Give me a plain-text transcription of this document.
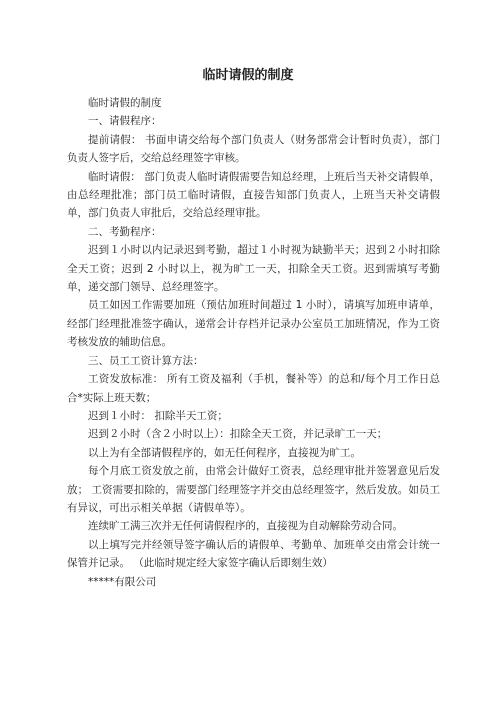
临时请假的制度

临时请假的制度

一、请假程序：

提前请假： 书面申请交给每个部门负责人（财务部常会计暂时负责），部门负责人签字后，交给总经理签字审核。

临时请假： 部门负责人临时请假需要告知总经理，上班后当天补交请假单，由总经理批准；部门员工临时请假，直接告知部门负责人，上班当天补交请假单，部门负责人审批后，交给总经理审批。

二、考勤程序：

迟到１小时以内记录迟到考勤，超过１小时视为缺勤半天；迟到２小时扣除全天工资；迟到 2 小时以上，视为旷工一天，扣除全天工资。迟到需填写考勤单，递交部门领导、总经理签字。

员工如因工作需要加班（预估加班时间超过 1 小时），请填写加班申请单，经部门经理批准签字确认，递常会计存档并记录办公室员工加班情况，作为工资考核发放的辅助信息。

三、员工工资计算方法：

工资发放标准： 所有工资及福利（手机，餐补等）的总和/每个月工作日总合*实际上班天数；

迟到１小时： 扣除半天工资；

迟到２小时（含２小时以上）：扣除全天工资，并记录旷工一天；

以上为有全部请假程序的，如无任何程序，直接视为旷工。

每个月底工资发放之前，由常会计做好工资表，总经理审批并签署意见后发放； 工资需要扣除的，需要部门经理签字并交由总经理签字，然后发放。如员工有异议，可出示相关单据（请假单等）。

连续旷工满三次并无任何请假程序的，直接视为自动解除劳动合同。

以上填写完并经领导签字确认后的请假单、考勤单、加班单交由常会计统一保管并记录。 （此临时规定经大家签字确认后即刻生效）

*****有限公司
